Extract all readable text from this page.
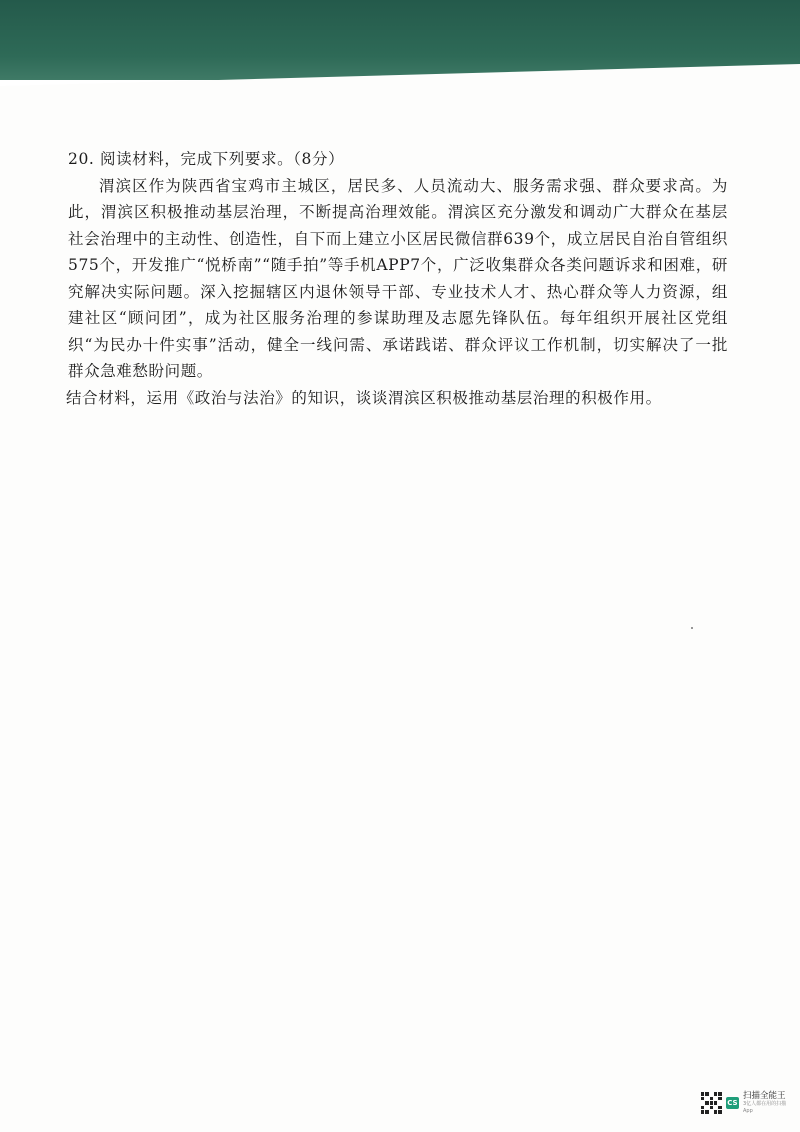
20. 阅读材料，完成下列要求。（8分）

渭滨区作为陕西省宝鸡市主城区，居民多、人员流动大、服务需求强、群众要求高。为此，渭滨区积极推动基层治理，不断提高治理效能。渭滨区充分激发和调动广大群众在基层社会治理中的主动性、创造性，自下而上建立小区居民微信群639个，成立居民自治自管组织575个，开发推广“悦桥南”“随手拍”等手机APP7个，广泛收集群众各类问题诉求和困难，研究解决实际问题。深入挖掘辖区内退休领导干部、专业技术人才、热心群众等人力资源，组建社区“顾问团”，成为社区服务治理的参谋助理及志愿先锋队伍。每年组织开展社区党组织“为民办十件实事”活动，健全一线问需、承诺践诺、群众评议工作机制，切实解决了一批群众急难愁盼问题。

结合材料，运用《政治与法治》的知识，谈谈渭滨区积极推动基层治理的积极作用。

CS
扫描全能王
3亿人都在用的扫描App
